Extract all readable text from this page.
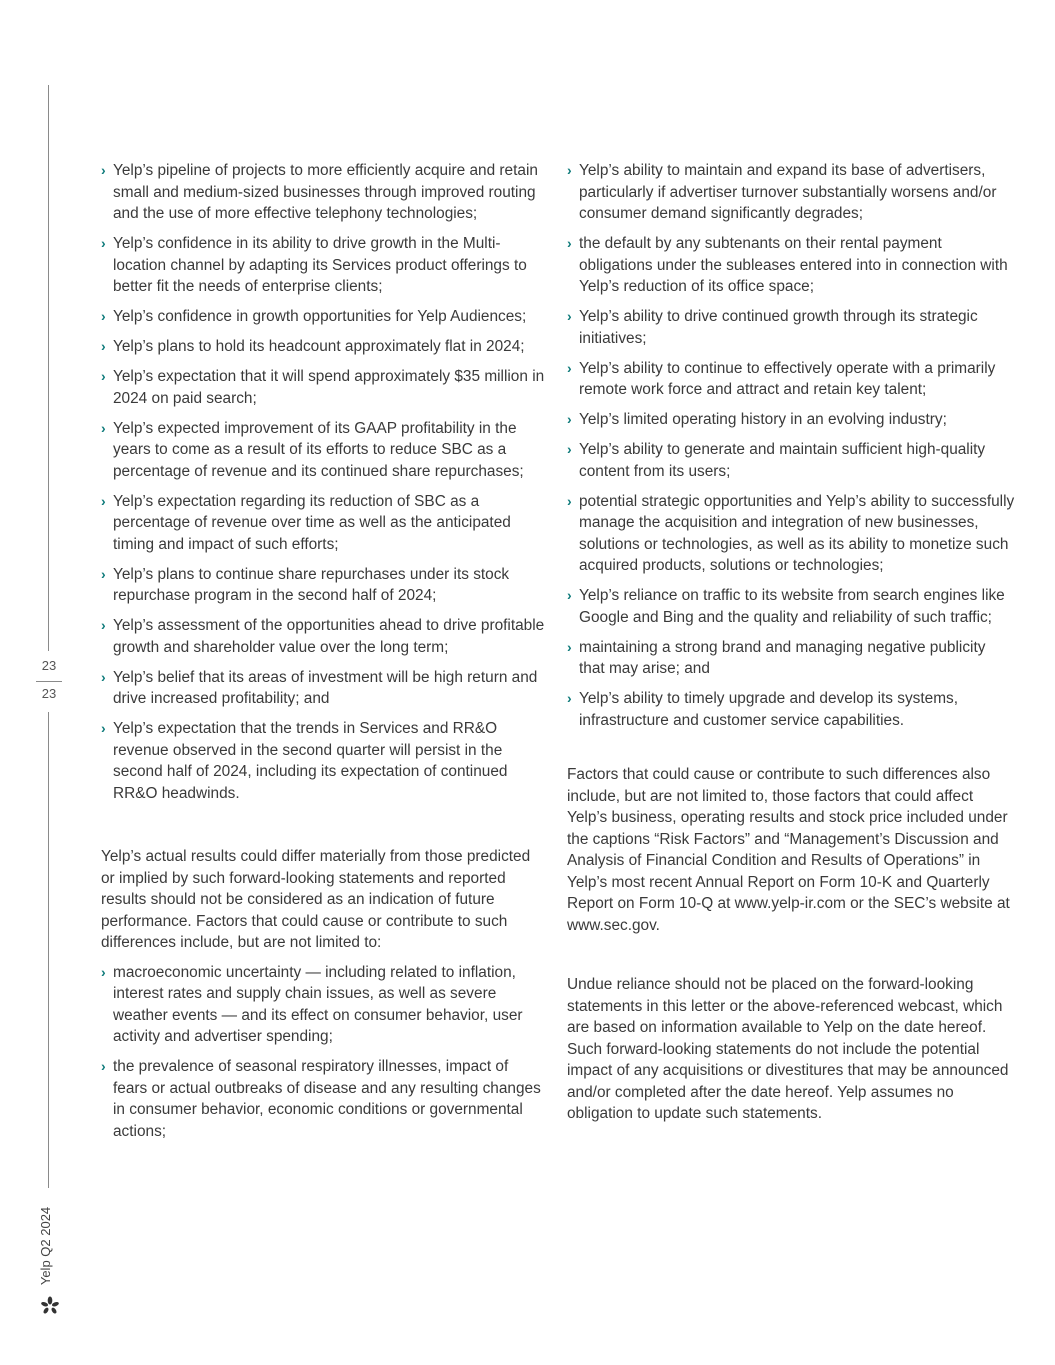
23
23
Yelp Q2 2024
› Yelp’s pipeline of projects to more efficiently acquire and retain small and medium-sized businesses through improved routing and the use of more effective telephony technologies;
› Yelp’s confidence in its ability to drive growth in the Multi-location channel by adapting its Services product offerings to better fit the needs of enterprise clients;
› Yelp’s confidence in growth opportunities for Yelp Audiences;
› Yelp’s plans to hold its headcount approximately flat in 2024;
› Yelp’s expectation that it will spend approximately $35 million in 2024 on paid search;
› Yelp’s expected improvement of its GAAP profitability in the years to come as a result of its efforts to reduce SBC as a percentage of revenue and its continued share repurchases;
› Yelp’s expectation regarding its reduction of SBC as a percentage of revenue over time as well as the anticipated timing and impact of such efforts;
› Yelp’s plans to continue share repurchases under its stock repurchase program in the second half of 2024;
› Yelp’s assessment of the opportunities ahead to drive profitable growth and shareholder value over the long term;
› Yelp’s belief that its areas of investment will be high return and drive increased profitability; and
› Yelp’s expectation that the trends in Services and RR&O revenue observed in the second quarter will persist in the second half of 2024, including its expectation of continued RR&O headwinds.

Yelp’s actual results could differ materially from those predicted or implied by such forward-looking statements and reported results should not be considered as an indication of future performance. Factors that could cause or contribute to such differences include, but are not limited to:

› macroeconomic uncertainty — including related to inflation, interest rates and supply chain issues, as well as severe weather events — and its effect on consumer behavior, user activity and advertiser spending;
› the prevalence of seasonal respiratory illnesses, impact of fears or actual outbreaks of disease and any resulting changes in consumer behavior, economic conditions or governmental actions;
› Yelp’s ability to maintain and expand its base of advertisers, particularly if advertiser turnover substantially worsens and/or consumer demand significantly degrades;
› the default by any subtenants on their rental payment obligations under the subleases entered into in connection with Yelp’s reduction of its office space;
› Yelp’s ability to drive continued growth through its strategic initiatives;
› Yelp’s ability to continue to effectively operate with a primarily remote work force and attract and retain key talent;
› Yelp’s limited operating history in an evolving industry;
› Yelp’s ability to generate and maintain sufficient high-quality content from its users;
› potential strategic opportunities and Yelp’s ability to successfully manage the acquisition and integration of new businesses, solutions or technologies, as well as its ability to monetize such acquired products, solutions or technologies;
› Yelp’s reliance on traffic to its website from search engines like Google and Bing and the quality and reliability of such traffic;
› maintaining a strong brand and managing negative publicity that may arise; and
› Yelp’s ability to timely upgrade and develop its systems, infrastructure and customer service capabilities.

Factors that could cause or contribute to such differences also include, but are not limited to, those factors that could affect Yelp’s business, operating results and stock price included under the captions “Risk Factors” and “Management’s Discussion and Analysis of Financial Condition and Results of Operations” in Yelp’s most recent Annual Report on Form 10-K and Quarterly Report on Form 10-Q at www.yelp-ir.com or the SEC’s website at www.sec.gov.

Undue reliance should not be placed on the forward-looking statements in this letter or the above-referenced webcast, which are based on information available to Yelp on the date hereof. Such forward-looking statements do not include the potential impact of any acquisitions or divestitures that may be announced and/or completed after the date hereof. Yelp assumes no obligation to update such statements.
